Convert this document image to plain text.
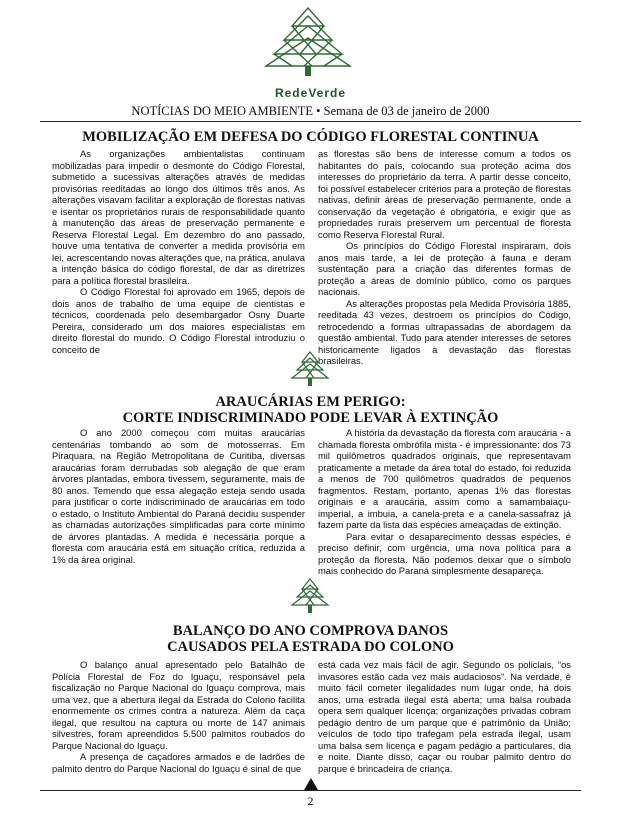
RedeVerde
NOTÍCIAS DO MEIO AMBIENTE • Semana de 03 de janeiro de 2000
MOBILIZAÇÃO EM DEFESA DO CÓDIGO FLORESTAL CONTINUA

As organizações ambientalistas continuam mobilizadas para impedir o desmonte do Código Florestal, submetido a sucessivas alterações através de medidas provisórias reeditadas ao longo dos últimos três anos. As alterações visavam facilitar a exploração de florestas nativas e isentar os proprietários rurais de responsabilidade quanto à manutenção das áreas de preservação permanente e Reserva Florestal Legal. Em dezembro do ano passado, houve uma tentativa de converter a medida provisória em lei, acrescentando novas alterações que, na prática, anulava a intenção básica do código florestal, de dar as diretrizes para a política florestal brasileira.

O Código Florestal foi aprovado em 1965, depois de dois anos de trabalho de uma equipe de cientistas e técnicos, coordenada pelo desembargador Osny Duarte Pereira, considerado um dos maiores especialistas em direito florestal do mundo. O Código Florestal introduziu o conceito de

as florestas são bens de interesse comum a todos os habitantes do país, colocando sua proteção acima dos interesses do proprietário da terra. A partir desse conceito, foi possível estabelecer critérios para a proteção de florestas nativas, definir áreas de preservação permanente, onde a conservação da vegetação é obrigatória, e exigir que as propriedades rurais preservem um percentual de floresta como Reserva Florestal Rural.

Os princípios do Código Florestal inspiraram, dois anos mais tarde, a lei de proteção à fauna e deram sustentação para a criação das diferentes formas de proteção a áreas de domínio público, como os parques nacionais.

As alterações propostas pela Medida Provisória 1885, reeditada 43 vezes, destroem os princípios do Código, retrocedendo a formas ultrapassadas de abordagem da questão ambiental. Tudo para atender interesses de setores historicamente ligados à devastação das florestas brasileiras.

ARAUCÁRIAS EM PERIGO:
CORTE INDISCRIMINADO PODE LEVAR À EXTINÇÃO

O ano 2000 começou com muitas araucárias centenárias tombando ao som de motosserras. Em Piraquara, na Região Metropolitana de Curitiba, diversas araucárias foram derrubadas sob alegação de que eram árvores plantadas, embora tivessem, seguramente, mais de 80 anos. Temendo que essa alegação esteja sendo usada para justificar o corte indiscriminado de araucárias em todo o estado, o Instituto Ambiental do Paraná decidiu suspender as chamadas autorizações simplificadas para corte mínimo de árvores plantadas. A medida é necessária porque a floresta com araucária está em situação crítica, reduzida a 1% da área original.

A história da devastação da floresta com araucária - a chamada floresta ombrófila mista - é impressionante: dos 73 mil quilômetros quadrados originais, que representavam praticamente a metade da área total do estado, foi reduzida a menos de 700 quilômetros quadrados de pequenos fragmentos. Restam, portanto, apenas 1% das florestas originais e a araucária, assim como a samambaiaçu-imperial, a imbuia, a canela-preta e a canela-sassafraz já fazem parte da lista das espécies ameaçadas de extinção.

Para evitar o desaparecimento dessas espécies, é preciso definir, com urgência, uma nova política para a proteção da floresta. Não podemos deixar que o símbolo mais conhecido do Paraná simplesmente desapareça.

BALANÇO DO ANO COMPROVA DANOS
CAUSADOS PELA ESTRADA DO COLONO

O balanço anual apresentado pelo Batalhão de Polícia Florestal de Foz do Iguaçu, responsável pela fiscalização no Parque Nacional do Iguaçu comprova, mais uma vez, que a abertura ilegal da Estrada do Colono facilita enormemente os crimes contra a natureza. Além da caça ilegal, que resultou na captura ou morte de 147 animais silvestres, foram apreendidos 5.500 palmitos roubados do Parque Nacional do Iguaçu.

A presença de caçadores armados e de ladrões de palmito dentro do Parque Nacional do Iguaçu é sinal de que

está cada vez mais fácil de agir. Segundo os policiais, “os invasores estão cada vez mais audaciosos”. Na verdade, é muito fácil cometer ilegalidades num lugar onde, há dois anos, uma estrada ilegal está aberta; uma balsa roubada opera sem qualquer licença; organizações privadas cobram pedágio dentro de um parque que é patrimônio da União; veículos de todo tipo trafegam pela estrada ilegal, usam uma balsa sem licença e pagam pedágio a particulares, dia e noite. Diante disso, caçar ou roubar palmito dentro do parque é brincadeira de criança.

2
